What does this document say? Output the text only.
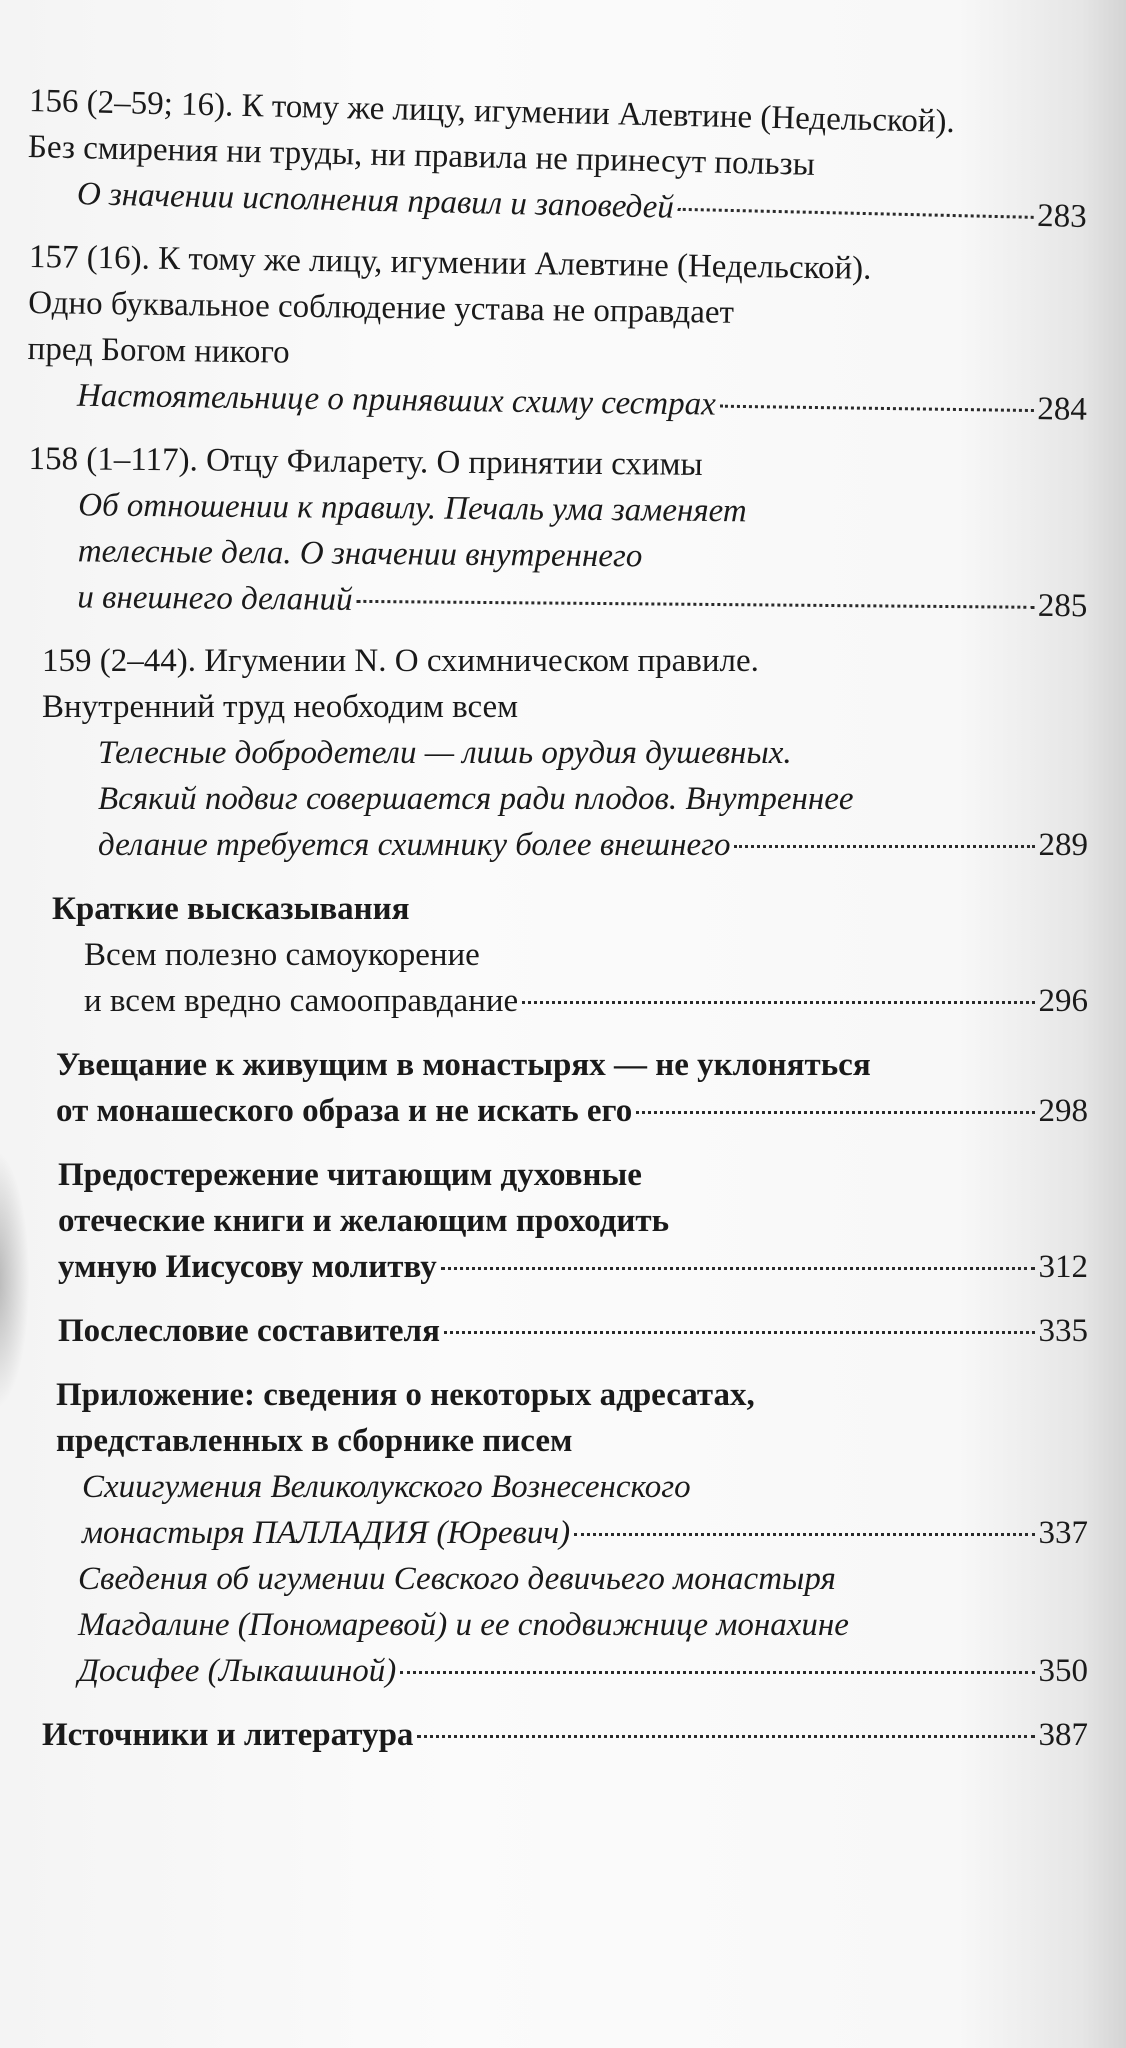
156 (2–59; 16). К тому же лицу, игумении Алевтине (Недельской).
Без смирения ни труды, ни правила не принесут пользы
О значении исполнения правил и заповедей	283
157 (16). К тому же лицу, игумении Алевтине (Недельской).
Одно буквальное соблюдение устава не оправдает
пред Богом никого
Настоятельнице о принявших схиму сестрах	284
158 (1–117). Отцу Филарету. О принятии схимы
Об отношении к правилу. Печаль ума заменяет
телесные дела. О значении внутреннего
и внешнего деланий	285
159 (2–44). Игумении N. О схимническом правиле.
Внутренний труд необходим всем
Телесные добродетели — лишь орудия душевных.
Всякий подвиг совершается ради плодов. Внутреннее
делание требуется схимнику более внешнего	289
Краткие высказывания
Всем полезно самоукорение
и всем вредно самооправдание	296
Увещание к живущим в монастырях — не уклоняться
от монашеского образа и не искать его	298
Предостережение читающим духовные
отеческие книги и желающим проходить
умную Иисусову молитву	312
Послесловие составителя	335
Приложение: сведения о некоторых адресатах,
представленных в сборнике писем
Схиигумения Великолукского Вознесенского
монастыря ПАЛЛАДИЯ (Юревич)	337
Сведения об игумении Севского девичьего монастыря
Магдалине (Пономаревой) и ее сподвижнице монахине
Досифее (Лыкашиной)	350
Источники и литература	387
